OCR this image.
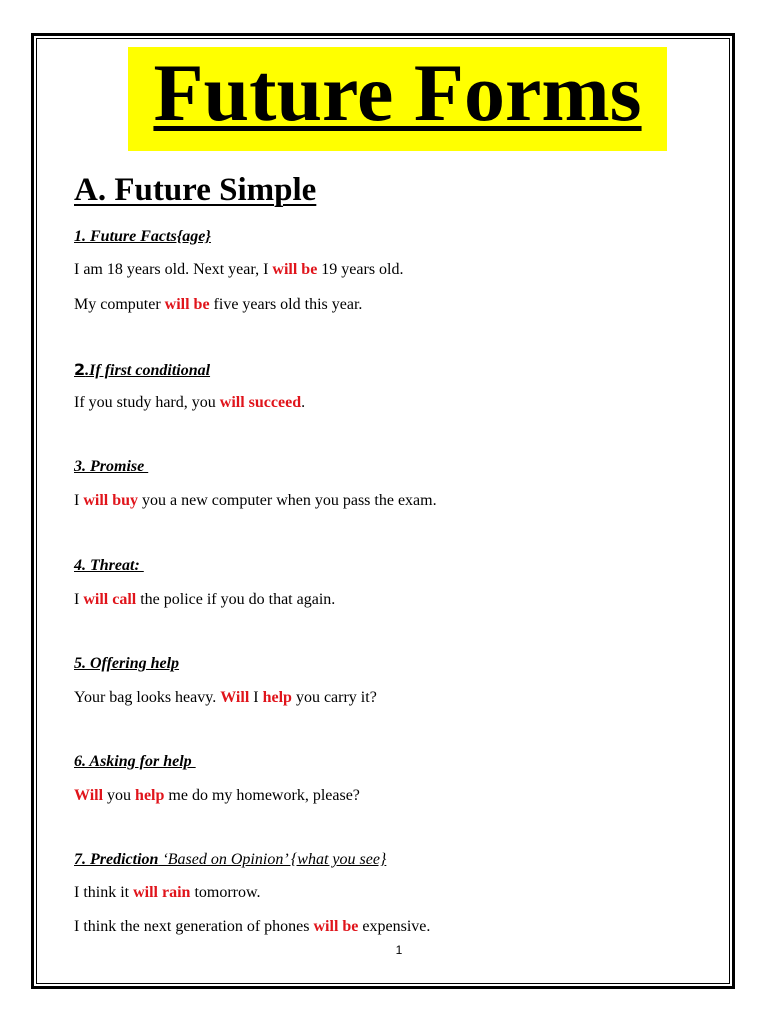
Future Forms
A. Future Simple

1. Future Facts{age}

I am 18 years old. Next year, I will be 19 years old.

My computer will be five years old this year.

2.If first conditional

If you study hard, you will succeed.

3. Promise

I will buy you a new computer when you pass the exam.

4. Threat:

I will call the police if you do that again.

5. Offering help

Your bag looks heavy. Will I help you carry it?

6. Asking for help

Will you help me do my homework, please?

7. Prediction ‘Based on Opinion’ {what you see}

I think it will rain tomorrow.

I think the next generation of phones will be expensive.

1
